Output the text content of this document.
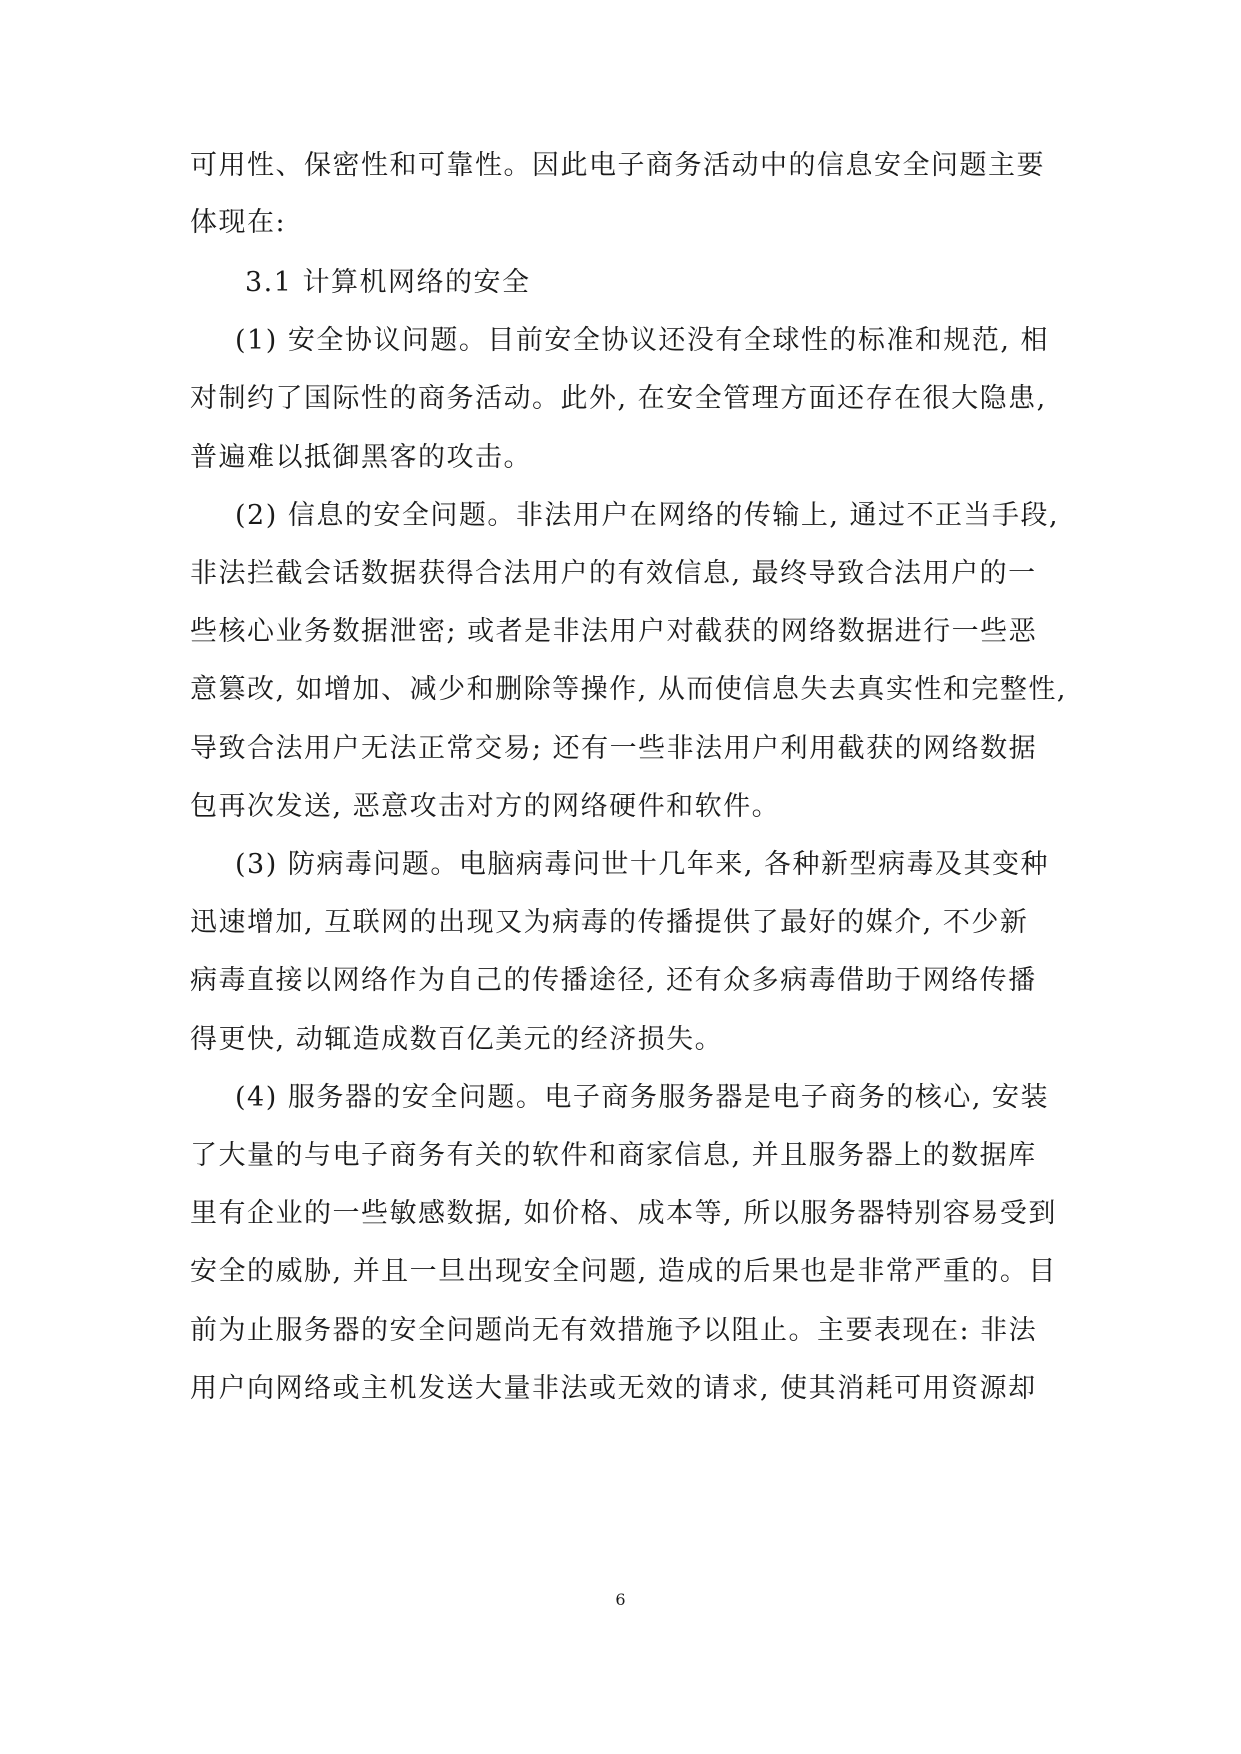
可用性、保密性和可靠性。因此电子商务活动中的信息安全问题主要
体现在:
3.1 计算机网络的安全
(1) 安全协议问题。目前安全协议还没有全球性的标准和规范, 相
对制约了国际性的商务活动。此外, 在安全管理方面还存在很大隐患,
普遍难以抵御黑客的攻击。
(2) 信息的安全问题。非法用户在网络的传输上, 通过不正当手段,
非法拦截会话数据获得合法用户的有效信息, 最终导致合法用户的一
些核心业务数据泄密; 或者是非法用户对截获的网络数据进行一些恶
意篡改, 如增加、减少和删除等操作, 从而使信息失去真实性和完整性,
导致合法用户无法正常交易; 还有一些非法用户利用截获的网络数据
包再次发送, 恶意攻击对方的网络硬件和软件。
(3) 防病毒问题。电脑病毒问世十几年来, 各种新型病毒及其变种
迅速增加, 互联网的出现又为病毒的传播提供了最好的媒介, 不少新
病毒直接以网络作为自己的传播途径, 还有众多病毒借助于网络传播
得更快, 动辄造成数百亿美元的经济损失。
(4) 服务器的安全问题。电子商务服务器是电子商务的核心, 安装
了大量的与电子商务有关的软件和商家信息, 并且服务器上的数据库
里有企业的一些敏感数据, 如价格、成本等, 所以服务器特别容易受到
安全的威胁, 并且一旦出现安全问题, 造成的后果也是非常严重的。目
前为止服务器的安全问题尚无有效措施予以阻止。主要表现在: 非法
用户向网络或主机发送大量非法或无效的请求, 使其消耗可用资源却
6
